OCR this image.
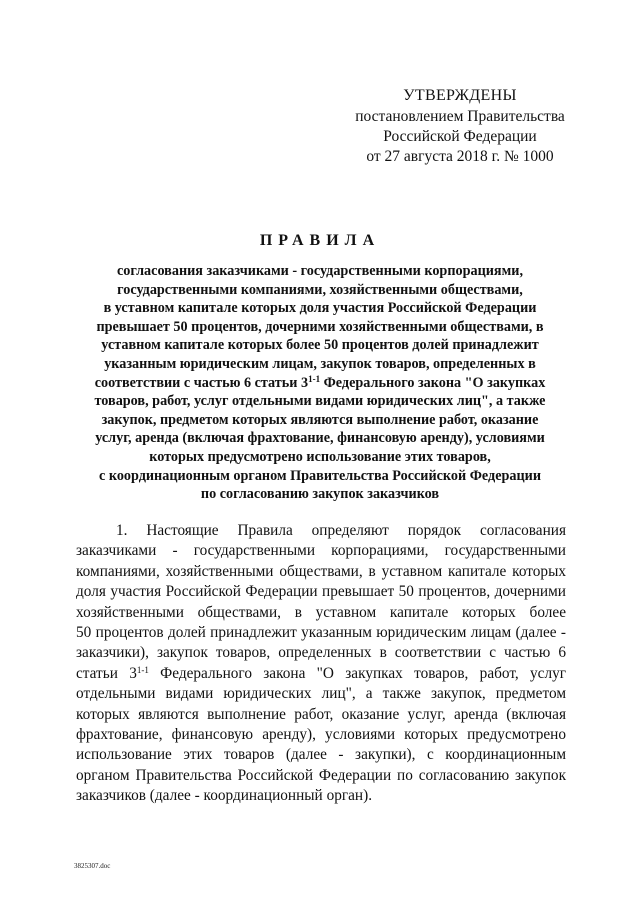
УТВЕРЖДЕНЫ
постановлением Правительства
Российской Федерации
от 27 августа 2018 г. № 1000
ПРАВИЛА
согласования заказчиками - государственными корпорациями,
государственными компаниями, хозяйственными обществами,
в уставном капитале которых доля участия Российской Федерации
превышает 50 процентов, дочерними хозяйственными обществами, в
уставном капитале которых более 50 процентов долей принадлежит
указанным юридическим лицам, закупок товаров, определенных в
соответствии с частью 6 статьи 3$^{1-1}$ Федерального закона "О закупках
товаров, работ, услуг отдельными видами юридических лиц", а также
закупок, предметом которых являются выполнение работ, оказание
услуг, аренда (включая фрахтование, финансовую аренду), условиями
которых предусмотрено использование этих товаров,
с координационным органом Правительства Российской Федерации
по согласованию закупок заказчиков
1. Настоящие Правила определяют порядок согласования
заказчиками - государственными корпорациями, государственными
компаниями, хозяйственными обществами, в уставном капитале которых
доля участия Российской Федерации превышает 50 процентов, дочерними
хозяйственными обществами, в уставном капитале которых более
50 процентов долей принадлежит указанным юридическим лицам (далее -
заказчики), закупок товаров, определенных в соответствии с частью 6
статьи 3$^{1-1}$ Федерального закона "О закупках товаров, работ, услуг
отдельными видами юридических лиц", а также закупок, предметом
которых являются выполнение работ, оказание услуг, аренда (включая
фрахтование, финансовую аренду), условиями которых предусмотрено
использование этих товаров (далее - закупки), с координационным
органом Правительства Российской Федерации по согласованию закупок
заказчиков (далее - координационный орган).
3825307.doc
